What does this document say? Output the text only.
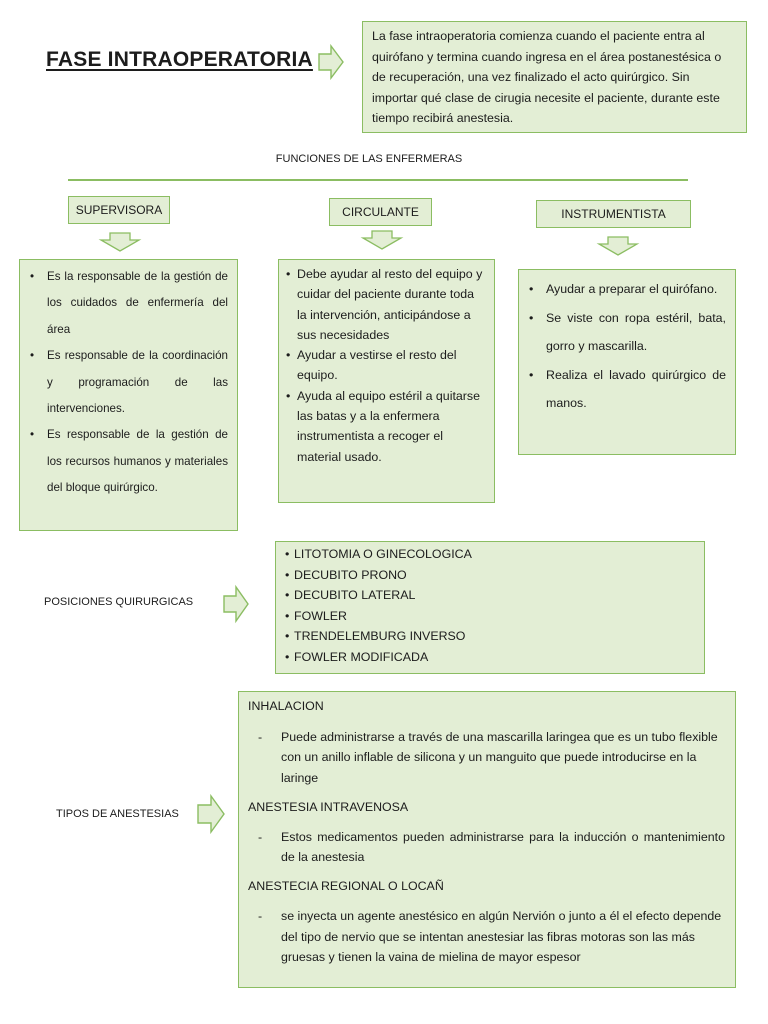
FASE INTRAOPERATORIA
La fase intraoperatoria comienza cuando el paciente entra al quirófano y termina cuando ingresa en el área postanestésica o de recuperación, una vez finalizado el acto quirúrgico. Sin importar qué clase de cirugia necesite el paciente, durante este tiempo recibirá anestesia.
FUNCIONES DE LAS ENFERMERAS
SUPERVISORA	CIRCULANTE	INSTRUMENTISTA
• Es la responsable de la gestión de los cuidados de enfermería del área
• Es responsable de la coordinación y programación de las intervenciones.
• Es responsable de la gestión de los recursos humanos y materiales del bloque quirúrgico.
• Debe ayudar al resto del equipo y cuidar del paciente durante toda la intervención, anticipándose a sus necesidades
• Ayudar a vestirse el resto del equipo.
• Ayuda al equipo estéril a quitarse las batas y a la enfermera instrumentista a recoger el material usado.
• Ayudar a preparar el quirófano.
• Se viste con ropa estéril, bata, gorro y mascarilla.
• Realiza el lavado quirúrgico de manos.
POSICIONES QUIRURGICAS
• LITOTOMIA O GINECOLOGICA
• DECUBITO PRONO
• DECUBITO LATERAL
• FOWLER
• TRENDELEMBURG INVERSO
• FOWLER MODIFICADA
TIPOS DE ANESTESIAS

INHALACION

- Puede administrarse a través de una mascarilla laringea que es un tubo flexible con un anillo inflable de silicona y un manguito que puede introducirse en la laringe

ANESTESIA INTRAVENOSA

- Estos medicamentos pueden administrarse para la inducción o mantenimiento de la anestesia

ANESTECIA REGIONAL O LOCAÑ

- se inyecta un agente anestésico en algún Nervión o junto a él el efecto depende del tipo de nervio que se intentan anestesiar las fibras motoras son las más gruesas y tienen la vaina de mielina de mayor espesor
